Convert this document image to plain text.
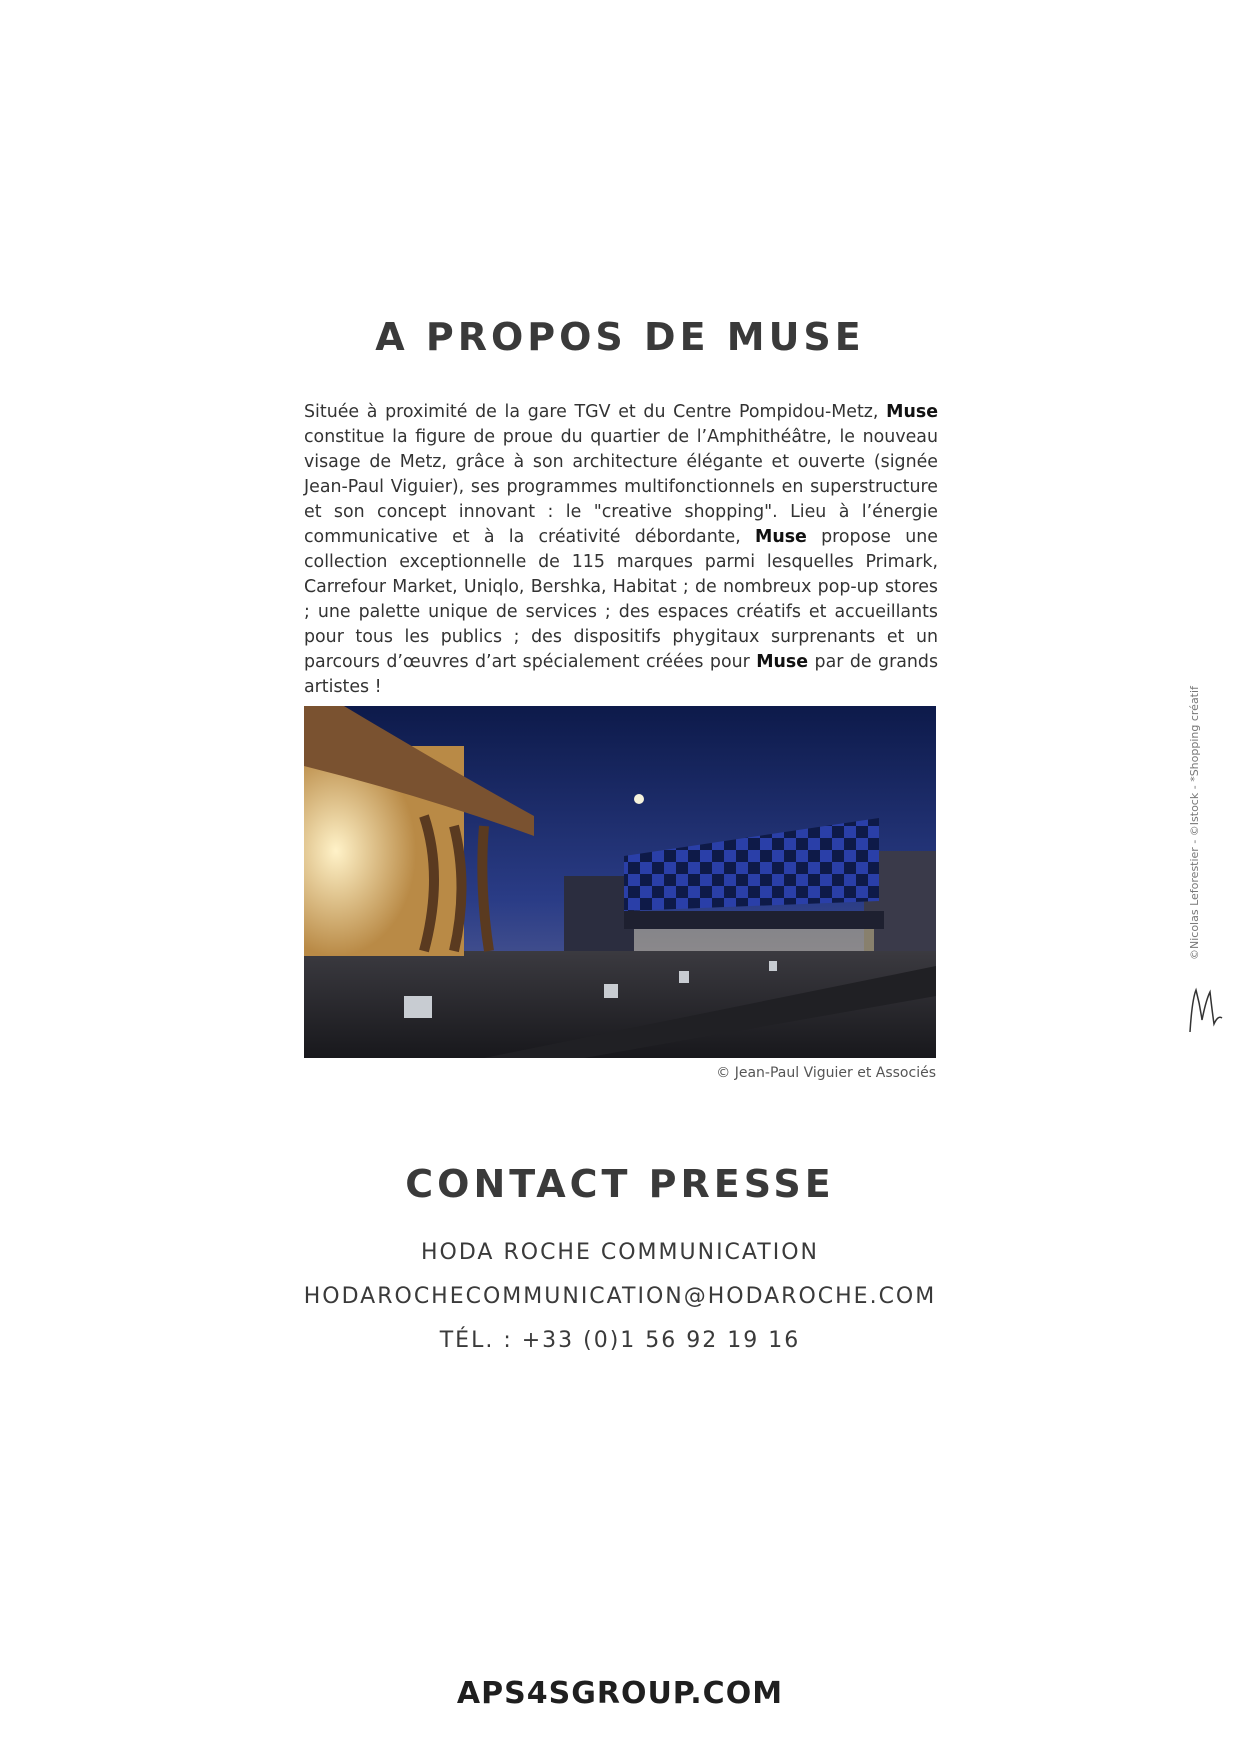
A PROPOS DE MUSE

Située à proximité de la gare TGV et du Centre Pompidou-Metz, Muse constitue la figure de proue du quartier de l’Amphithéâtre, le nouveau visage de Metz, grâce à son architecture élégante et ouverte (signée Jean-Paul Viguier), ses programmes multifonctionnels en superstructure et son concept innovant : le "creative shopping". Lieu à l’énergie communicative et à la créativité débordante, Muse propose une collection exceptionnelle de 115 marques parmi lesquelles Primark, Carrefour Market, Uniqlo, Bershka, Habitat ; de nombreux pop-up stores ; une palette unique de services ; des espaces créatifs et accueillants pour tous les publics ; des dispositifs phygitaux surprenants et un parcours d’œuvres d’art spécialement créées pour Muse par de grands artistes !

© Jean-Paul Viguier et Associés
©Nicolas Leforestier - ©Istock - *Shopping créatif
CONTACT PRESSE
HODA ROCHE COMMUNICATION
HODAROCHECOMMUNICATION@HODAROCHE.COM
TÉL. : +33 (0)1 56 92 19 16
APS4SGROUP.COM
